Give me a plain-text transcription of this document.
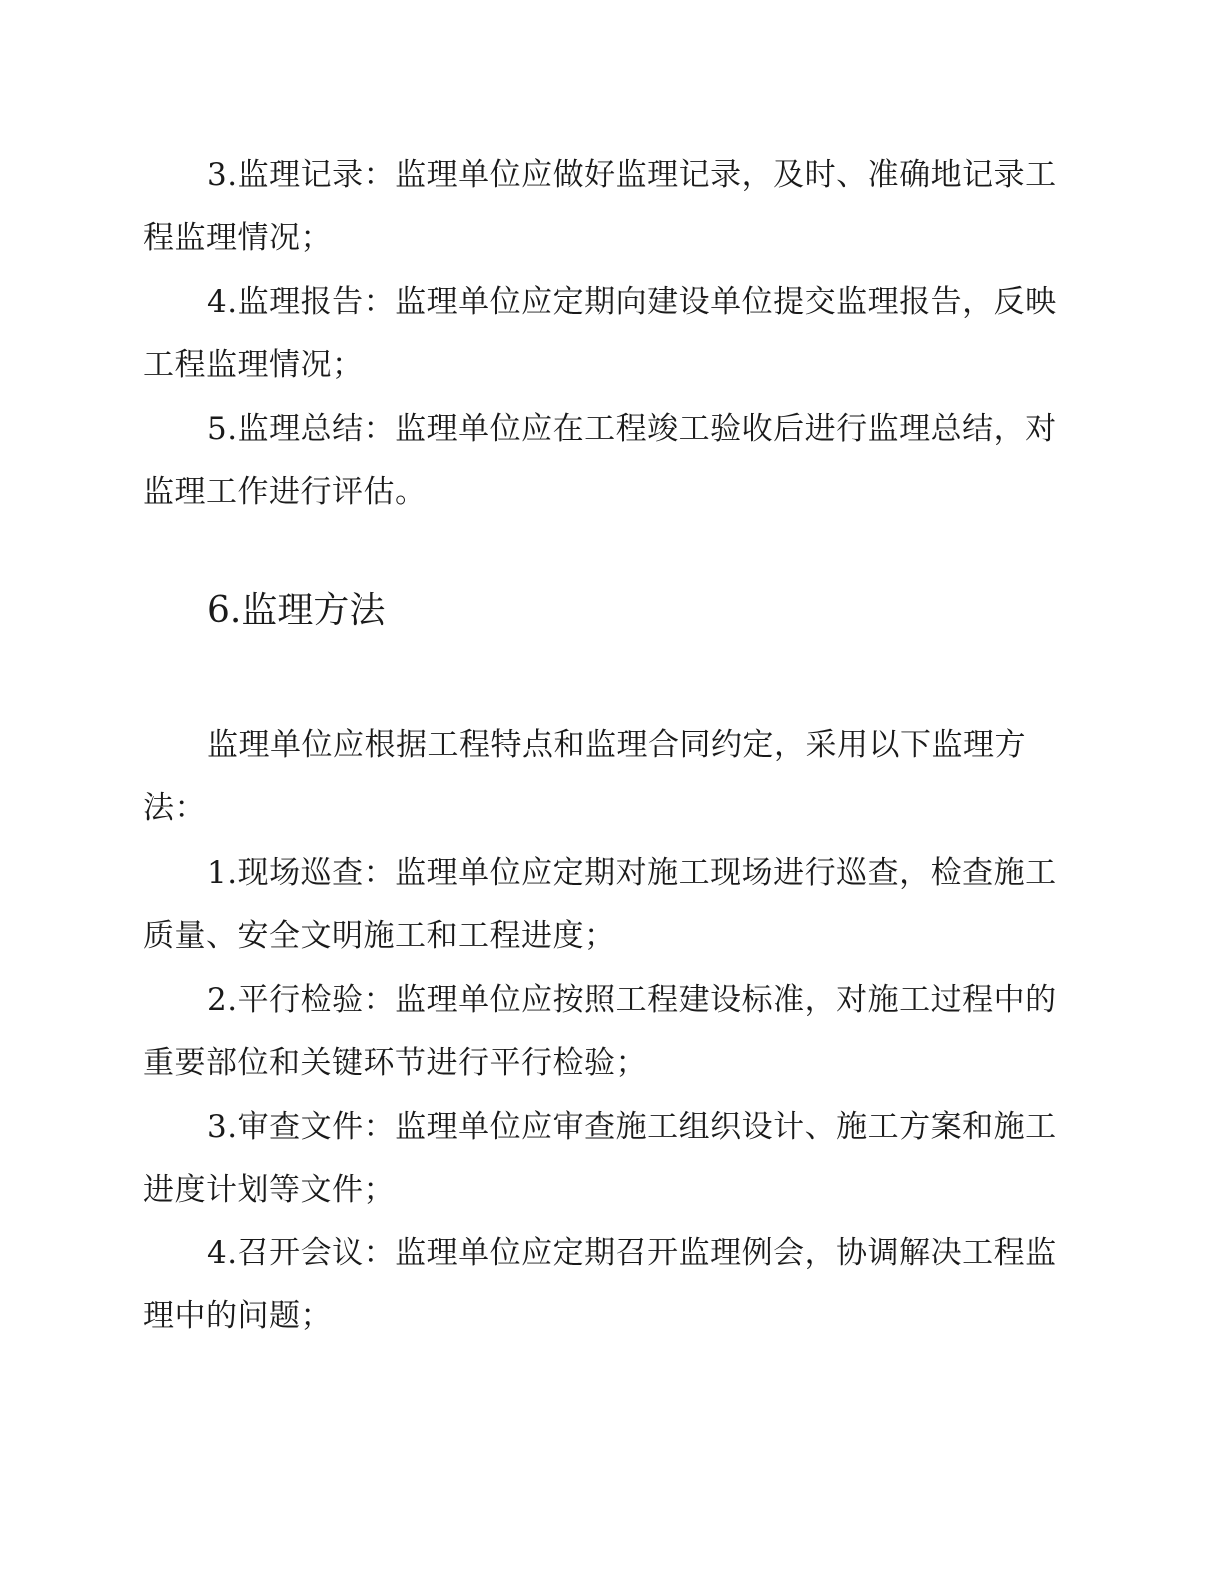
3.监理记录：监理单位应做好监理记录，及时、准确地记录工程监理情况；

4.监理报告：监理单位应定期向建设单位提交监理报告，反映工程监理情况；

5.监理总结：监理单位应在工程竣工验收后进行监理总结，对监理工作进行评估。

6.监理方法

监理单位应根据工程特点和监理合同约定，采用以下监理方法：

1.现场巡查：监理单位应定期对施工现场进行巡查，检查施工质量、安全文明施工和工程进度；

2.平行检验：监理单位应按照工程建设标准，对施工过程中的重要部位和关键环节进行平行检验；

3.审查文件：监理单位应审查施工组织设计、施工方案和施工进度计划等文件；

4.召开会议：监理单位应定期召开监理例会，协调解决工程监理中的问题；
